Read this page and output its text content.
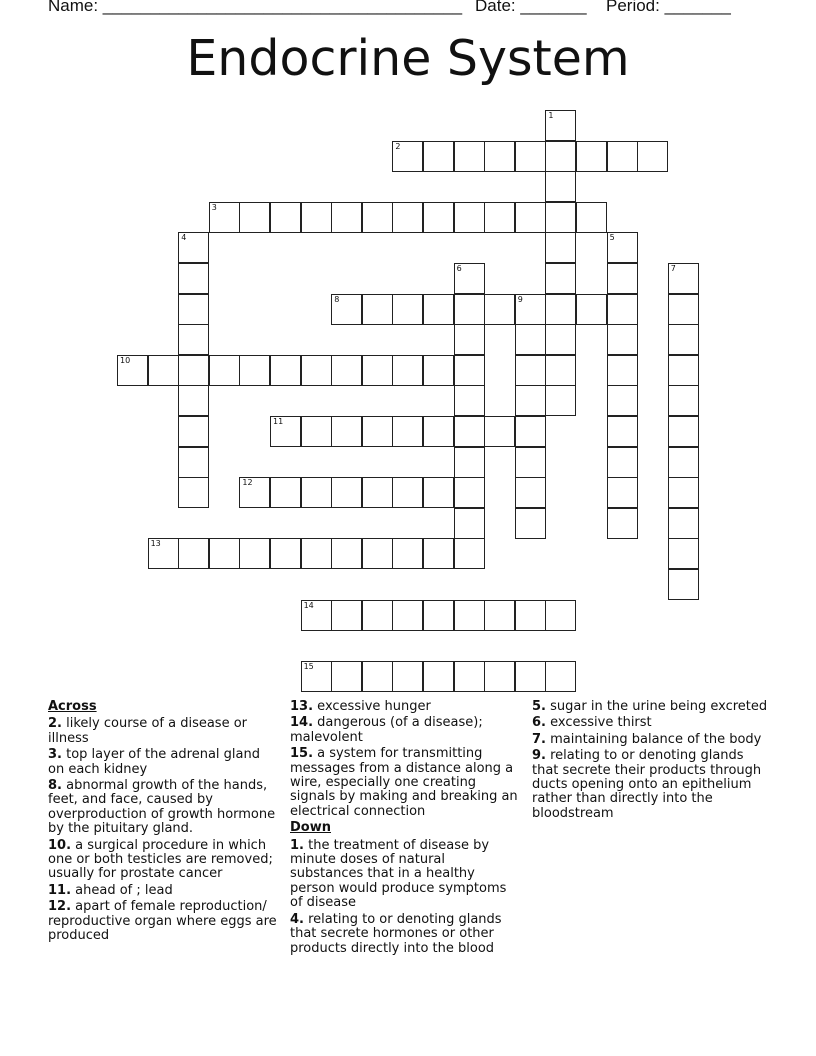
Name: ______________________________________ Date: _______ Period: _______
Endocrine System
1
2
3
4	5
6	7
8	9
10
11
12
13
14
15
Across
2. likely course of a disease or illness
3. top layer of the adrenal gland on each kidney
8. abnormal growth of the hands, feet, and face, caused by overproduction of growth hormone by the pituitary gland.
10. a surgical procedure in which one or both testicles are removed; usually for prostate cancer
11. ahead of ; lead
12. apart of female reproduction/ reproductive organ where eggs are produced
13. excessive hunger
14. dangerous (of a disease); malevolent
15. a system for transmitting messages from a distance along a wire, especially one creating signals by making and breaking an electrical connection
Down
1. the treatment of disease by minute doses of natural substances that in a healthy person would produce symptoms of disease
4. relating to or denoting glands that secrete hormones or other products directly into the blood
5. sugar in the urine being excreted
6. excessive thirst
7. maintaining balance of the body
9. relating to or denoting glands that secrete their products through ducts opening onto an epithelium rather than directly into the bloodstream
